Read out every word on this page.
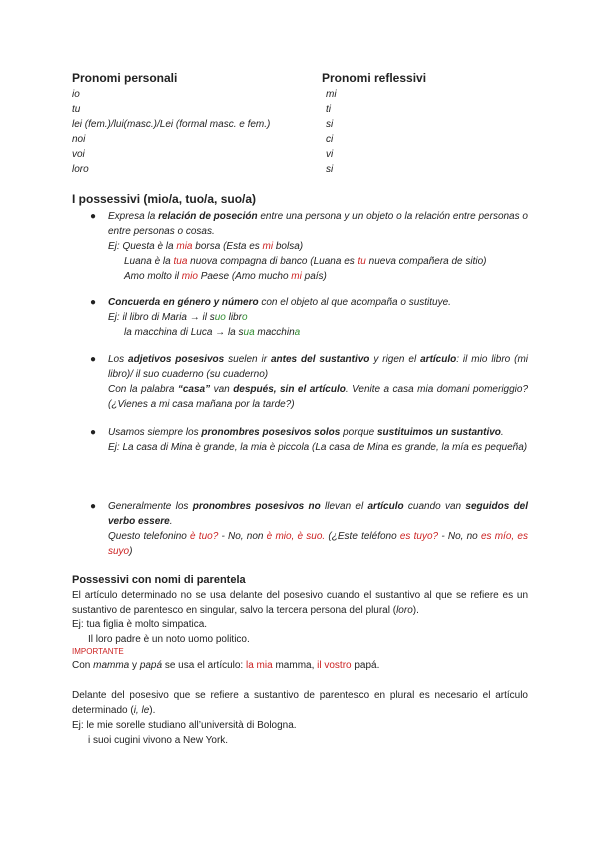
Pronomi personali	Pronomi reflessivi
io
tu
lei (fem.)/lui(masc.)/Lei (formal masc. e fem.)
noi
voi
loro
mi
ti
si
ci
vi
si
I possessivi (mio/a, tuo/a, suo/a)
● Expresa la relación de poseción entre una persona y un objeto o la relación entre personas o entre personas o cosas.
Ej: Questa è la mia borsa (Esta es mi bolsa)
Luana è la tua nuova compagna di banco (Luana es tu nueva compañera de sitio)
Amo molto il mio Paese (Amo mucho mi país)
● Concuerda en género y número con el objeto al que acompaña o sustituye.
Ej: il libro di Maria → il suo libro
la macchina di Luca → la sua macchina
● Los adjetivos posesivos suelen ir antes del sustantivo y rigen el artículo: il mio libro (mi libro)/ il suo cuaderno (su cuaderno)
Con la palabra “casa” van después, sin el artículo. Venite a casa mia domani pomeriggio? (¿Vienes a mi casa mañana por la tarde?)
● Usamos siempre los pronombres posesivos solos porque sustituimos un sustantivo.
Ej: La casa di Mina è grande, la mia è piccola (La casa de Mina es grande, la mía es pequeña)
● Generalmente los pronombres posesivos no llevan el artículo cuando van seguidos del verbo essere.
Questo telefonino è tuo? - No, non è mio, è suo. (¿Este teléfono es tuyo? - No, no es mío, es suyo)
Possessivi con nomi di parentela
El artículo determinado no se usa delante del posesivo cuando el sustantivo al que se refiere es un sustantivo de parentesco en singular, salvo la tercera persona del plural (loro).
Ej: tua figlia è molto simpatica.
Il loro padre è un noto uomo politico.
IMPORTANTE
Con mamma y papá se usa el artículo: la mia mamma, il vostro papá.
Delante del posesivo que se refiere a sustantivo de parentesco en plural es necesario el artículo determinado (i, le).
Ej: le mie sorelle studiano all’università di Bologna.
i suoi cugini vivono a New York.
